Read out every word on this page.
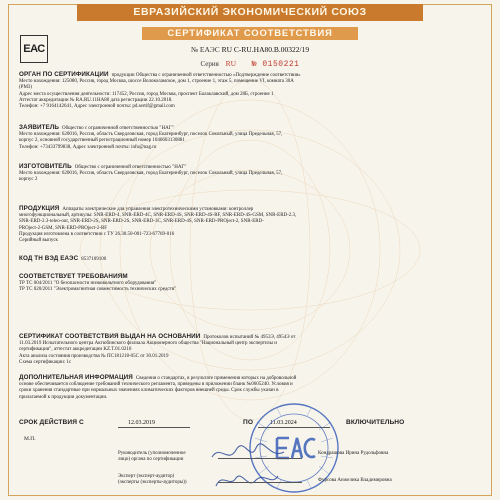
ЕВРАЗИЙСКИЙ ЭКОНОМИЧЕСКИЙ СОЮЗ
СЕРТИФИКАТ СООТВЕТСТВИЯ
ЕАС	№ ЕАЭС RU C-RU.HA80.B.00322/19
Серия RU № 0150221

ОРГАН ПО СЕРТИФИКАЦИИ продукции Общества с ограниченной ответственностью «Подтверждение соответствия»

Место нахождения: 125080, Россия, город Москва, шоссе Волоколамское, дом 1, строение 1, этаж 5, помещение VI, комната 30А

(РМ3)

Адрес места осуществления деятельности: 117452, Россия, город Москва, проспект Балаклавский, дом 28Б, строение 1

Аттестат аккредитации № RA.RU.11HA80 дата регистрации 22.10.2018.

Телефон: +7 9164142641, Адрес электронной почты: pd.sertif@gmail.com

ЗАЯВИТЕЛЬ Общество с ограниченной ответственностью "НАГ"

Место нахождения: 620016, Россия, область Свердловская, город Екатеринбург, поселок Сокольный, улица Предельная, 57,

корпус 2, основной государственный регистрационный номер 1046603130881

Телефон: +73433799838, Адрес электронной почты: info@nag.ru

ИЗГОТОВИТЕЛЬ Общество с ограниченной ответственностью "НАГ"

Место нахождения: 620016, Россия, область Свердловская, город Екатеринбург, поселок Сокольный, улица Предельная, 57,

корпус 2

ПРОДУКЦИЯ Аппараты электрические для управления электротехническими установками: контроллер

многофункциональный, артикулы: SNR-ERD-4, SNR-ERD-4C, SNR-ERD-4S, SNR-ERD-4S-RF, SNR-ERD-4S-GSM, SNR-ERD-2.3,

SNR-ERD-2.3-teleo-out, SNR-ERD-2S, SNR-ERD-2S, SNR-ERD-3C, SNR-ERD-4S, SNR-ERD-PROject-2, SNR-ERD-

PROject-2-GSM, SNR-ERD-PROject-2-RF

Продукция изготовлена в соответствии с ТУ 26.30.50-001-723-67769-016

Серийный выпуск

КОД ТН ВЭД ЕАЭС 8537109100

СООТВЕТСТВУЕТ ТРЕБОВАНИЯМ

ТР ТС 004/2011 "О безопасности низковольтного оборудования"

ТР ТС 020/2011 "Электромагнитная совместимость технических средств"

СЕРТИФИКАТ СООТВЕТСТВИЯ ВЫДАН НА ОСНОВАНИИ Протоколов испытаний № 4953Э, 4954Э от

11.03.2019 Испытательного центра Актюбинского филиала Акционерного общества "Национальный центр экспертизы и

сертификации", аттестат аккредитации KZ.T.01.0210

Акта анализа состояния производства № ПС181218-05С от 30.01.2019

Схема сертификации: 1с

ДОПОЛНИТЕЛЬНАЯ ИНФОРМАЦИЯ Сведения о стандартах, в результате применения которых на добровольной

основе обеспечивается соблюдение требований технического регламента, приведены в приложении бланк №0605240. Условия и

сроки хранения стандартные при нормальных значениях климатических факторов внешней среды. Срок службы указан в

прилагаемой к продукции документации.

СРОК ДЕЙСТВИЯ С	12.03.2019	ПО	11.03.2024	ВКЛЮЧИТЕЛЬНО
М.П.
Руководитель (уполномоченное
лицо) органа по сертификации
Кондрашова Ирина Рудольфовна
Эксперт (эксперт-аудитор)
(эксперты (эксперты-аудиторы))	Фурсова Анжелика Владимировна
